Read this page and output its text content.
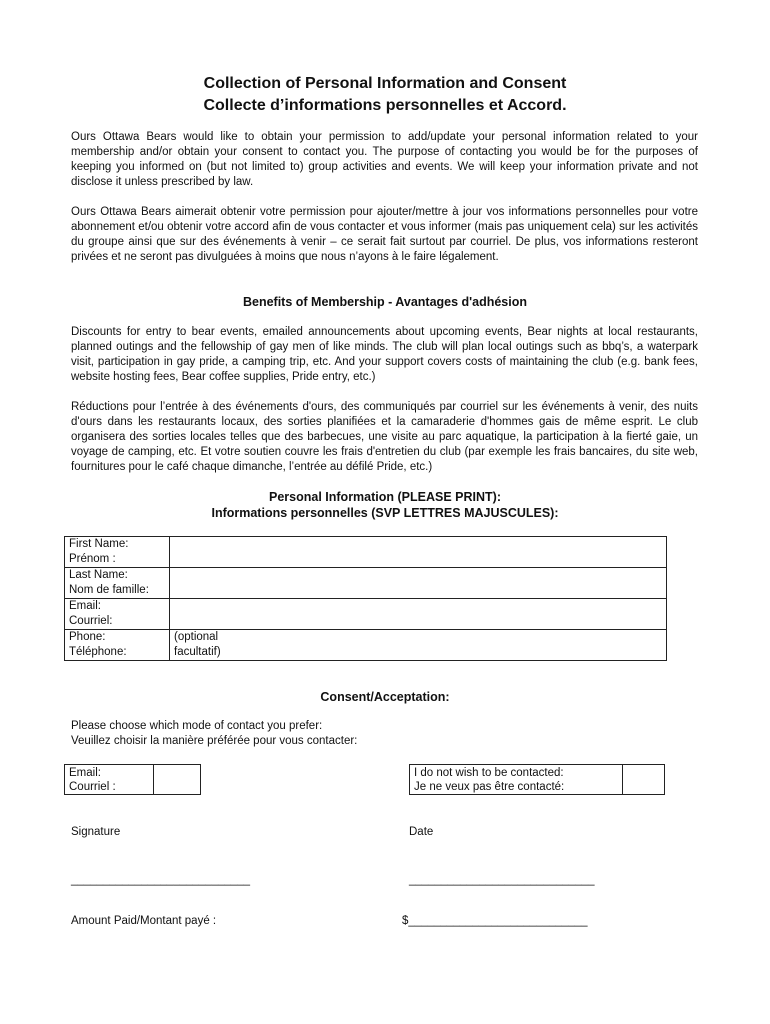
Collection of Personal Information and Consent
Collecte d’informations personnelles et Accord.
Ours Ottawa Bears would like to obtain your permission to add/update your personal information related to your membership and/or obtain your consent to contact you. The purpose of contacting you would be for the purposes of keeping you informed on (but not limited to) group activities and events. We will keep your information private and not disclose it unless prescribed by law.
Ours Ottawa Bears aimerait obtenir votre permission pour ajouter/mettre à jour vos informations personnelles pour votre abonnement et/ou obtenir votre accord afin de vous contacter et vous informer (mais pas uniquement cela) sur les activités du groupe ainsi que sur des événements à venir – ce serait fait surtout par courriel. De plus, vos informations resteront privées et ne seront pas divulguées à moins que nous n’ayons à le faire légalement.
Benefits of Membership - Avantages d'adhésion
Discounts for entry to bear events, emailed announcements about upcoming events, Bear nights at local restaurants, planned outings and the fellowship of gay men of like minds. The club will plan local outings such as bbq’s, a waterpark visit, participation in gay pride, a camping trip, etc. And your support covers costs of maintaining the club (e.g. bank fees, website hosting fees, Bear coffee supplies, Pride entry, etc.)
Réductions pour l’entrée à des événements d'ours, des communiqués par courriel sur les événements à venir, des nuits d'ours dans les restaurants locaux, des sorties planifiées et la camaraderie d'hommes gais de même esprit. Le club organisera des sorties locales telles que des barbecues, une visite au parc aquatique, la participation à la fierté gaie, un voyage de camping, etc. Et votre soutien couvre les frais d'entretien du club (par exemple les frais bancaires, du site web, fournitures pour le café chaque dimanche, l’entrée au défilé Pride, etc.)
Personal Information (PLEASE PRINT):
Informations personnelles (SVP LETTRES MAJUSCULES):
First Name:
Prénom :	
Last Name:
Nom de famille:	
Email:
Courriel:	
Phone:
Téléphone:	(optional
facultatif)
Consent/Acceptation:
Please choose which mode of contact you prefer:
Veuillez choisir la manière préférée pour vous contacter:
Email:
Courriel :
I do not wish to be contacted:
Je ne veux pas être contacté:
Signature	Date
____________________________	_____________________________
Amount Paid/Montant payé :	$____________________________
